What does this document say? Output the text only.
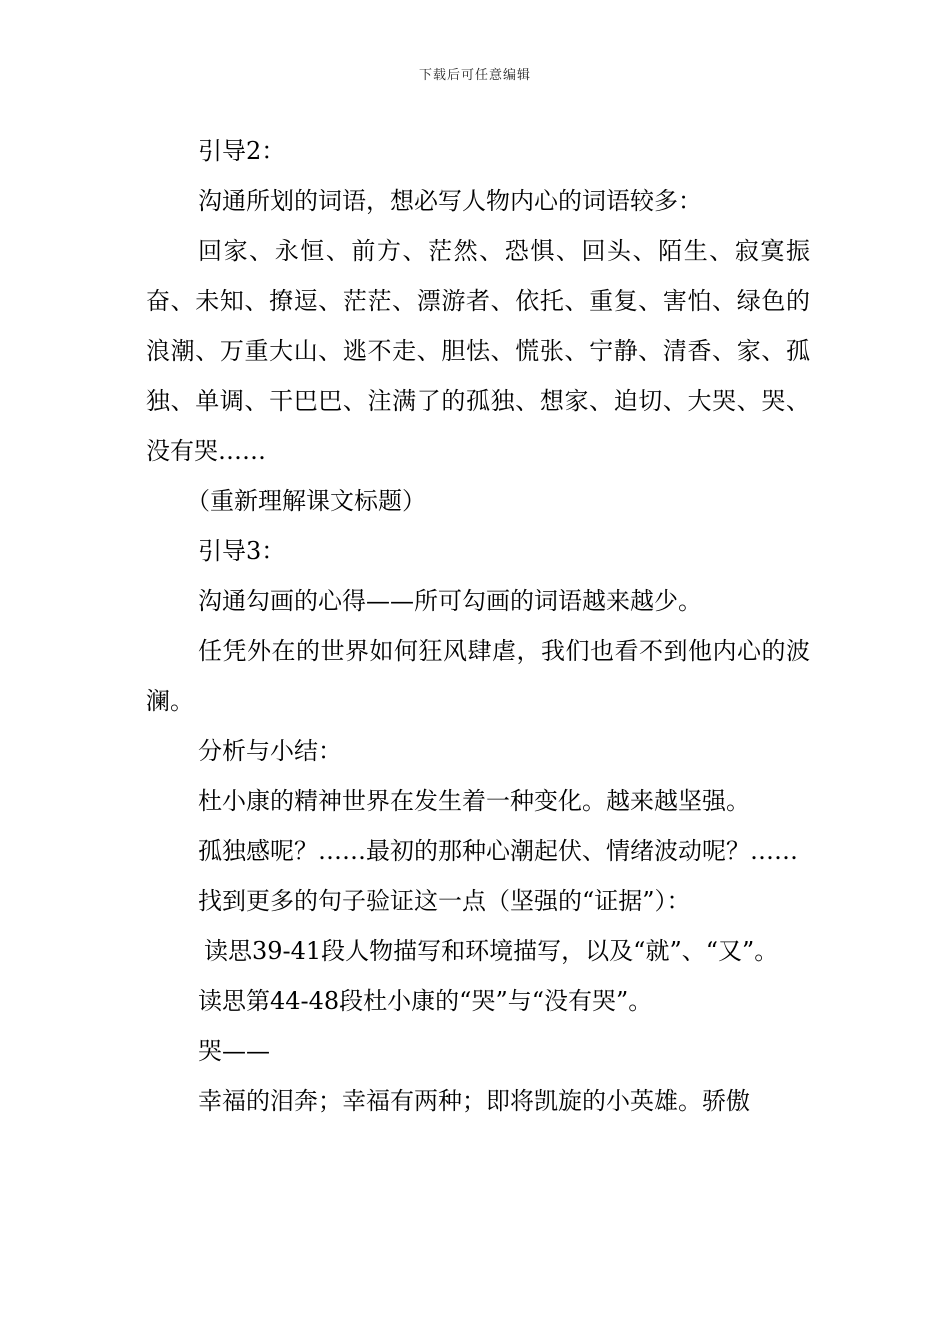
下载后可任意编辑

引导2：

沟通所划的词语，想必写人物内心的词语较多：

回家、永恒、前方、茫然、恐惧、回头、陌生、寂寞振奋、未知、撩逗、茫茫、漂游者、依托、重复、害怕、绿色的浪潮、万重大山、逃不走、胆怯、慌张、宁静、清香、家、孤独、单调、干巴巴、注满了的孤独、想家、迫切、大哭、哭、没有哭……

（重新理解课文标题）

引导3：

沟通勾画的心得——所可勾画的词语越来越少。

任凭外在的世界如何狂风肆虐，我们也看不到他内心的波澜。

分析与小结：

杜小康的精神世界在发生着一种变化。越来越坚强。

孤独感呢？……最初的那种心潮起伏、情绪波动呢？……

找到更多的句子验证这一点（坚强的“证据”）：

读思39-41段人物描写和环境描写，以及“就”、“又”。

读思第44-48段杜小康的“哭”与“没有哭”。

哭——

幸福的泪奔；幸福有两种；即将凯旋的小英雄。骄傲
